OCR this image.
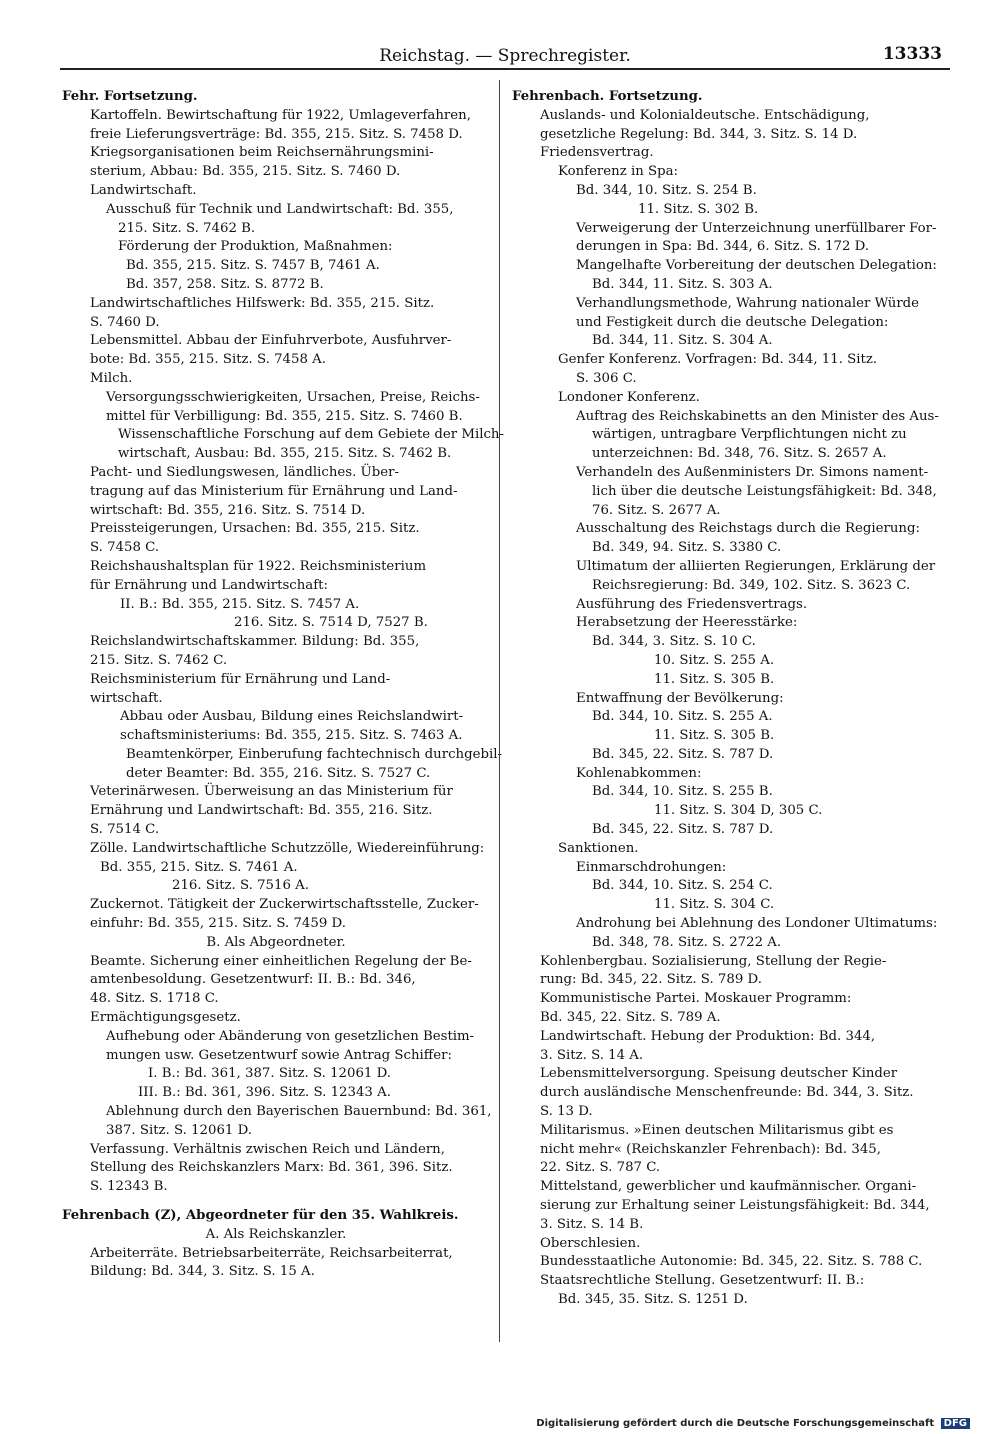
Reichstag. — Sprechregister.	13333
Fehr. Fortsetzung.
Kartoffeln. Bewirtschaftung für 1922, Umlageverfahren,
freie Lieferungsverträge: Bd. 355, 215. Sitz. S. 7458 D.
Kriegsorganisationen beim Reichsernährungsmini-
sterium, Abbau: Bd. 355, 215. Sitz. S. 7460 D.
Landwirtschaft.
Ausschuß für Technik und Landwirtschaft: Bd. 355,
215. Sitz. S. 7462 B.
Förderung der Produktion, Maßnahmen:
Bd. 355, 215. Sitz. S. 7457 B, 7461 A.
Bd. 357, 258. Sitz. S. 8772 B.
Landwirtschaftliches Hilfswerk: Bd. 355, 215. Sitz.
S. 7460 D.
Lebensmittel. Abbau der Einfuhrverbote, Ausfuhrver-
bote: Bd. 355, 215. Sitz. S. 7458 A.
Milch.
Versorgungsschwierigkeiten, Ursachen, Preise, Reichs-
mittel für Verbilligung: Bd. 355, 215. Sitz. S. 7460 B.
Wissenschaftliche Forschung auf dem Gebiete der Milch-
wirtschaft, Ausbau: Bd. 355, 215. Sitz. S. 7462 B.
Pacht- und Siedlungswesen, ländliches. Über-
tragung auf das Ministerium für Ernährung und Land-
wirtschaft: Bd. 355, 216. Sitz. S. 7514 D.
Preissteigerungen, Ursachen: Bd. 355, 215. Sitz.
S. 7458 C.
Reichshaushaltsplan für 1922. Reichsministerium
für Ernährung und Landwirtschaft:
II. B.: Bd. 355, 215. Sitz. S. 7457 A.
216. Sitz. S. 7514 D, 7527 B.
Reichslandwirtschaftskammer. Bildung: Bd. 355,
215. Sitz. S. 7462 C.
Reichsministerium für Ernährung und Land-
wirtschaft.
Abbau oder Ausbau, Bildung eines Reichslandwirt-
schaftsministeriums: Bd. 355, 215. Sitz. S. 7463 A.
Beamtenkörper, Einberufung fachtechnisch durchgebil-
deter Beamter: Bd. 355, 216. Sitz. S. 7527 C.
Veterinärwesen. Überweisung an das Ministerium für
Ernährung und Landwirtschaft: Bd. 355, 216. Sitz.
S. 7514 C.
Zölle. Landwirtschaftliche Schutzzölle, Wiedereinführung:
Bd. 355, 215. Sitz. S. 7461 A.
216. Sitz. S. 7516 A.
Zuckernot. Tätigkeit der Zuckerwirtschaftsstelle, Zucker-
einfuhr: Bd. 355, 215. Sitz. S. 7459 D.
B. Als Abgeordneter.
Beamte. Sicherung einer einheitlichen Regelung der Be-
amtenbesoldung. Gesetzentwurf: II. B.: Bd. 346,
48. Sitz. S. 1718 C.
Ermächtigungsgesetz.
Aufhebung oder Abänderung von gesetzlichen Bestim-
mungen usw. Gesetzentwurf sowie Antrag Schiffer:
I. B.: Bd. 361, 387. Sitz. S. 12061 D.
III. B.: Bd. 361, 396. Sitz. S. 12343 A.
Ablehnung durch den Bayerischen Bauernbund: Bd. 361,
387. Sitz. S. 12061 D.
Verfassung. Verhältnis zwischen Reich und Ländern,
Stellung des Reichskanzlers Marx: Bd. 361, 396. Sitz.
S. 12343 B.
Fehrenbach (Z), Abgeordneter für den 35. Wahlkreis.
A. Als Reichskanzler.
Arbeiterräte. Betriebsarbeiterräte, Reichsarbeiterrat,
Bildung: Bd. 344, 3. Sitz. S. 15 A.
Fehrenbach. Fortsetzung.
Auslands- und Kolonialdeutsche. Entschädigung,
gesetzliche Regelung: Bd. 344, 3. Sitz. S. 14 D.
Friedensvertrag.
Konferenz in Spa:
Bd. 344, 10. Sitz. S. 254 B.
11. Sitz. S. 302 B.
Verweigerung der Unterzeichnung unerfüllbarer For-
derungen in Spa: Bd. 344, 6. Sitz. S. 172 D.
Mangelhafte Vorbereitung der deutschen Delegation:
Bd. 344, 11. Sitz. S. 303 A.
Verhandlungsmethode, Wahrung nationaler Würde
und Festigkeit durch die deutsche Delegation:
Bd. 344, 11. Sitz. S. 304 A.
Genfer Konferenz. Vorfragen: Bd. 344, 11. Sitz.
S. 306 C.
Londoner Konferenz.
Auftrag des Reichskabinetts an den Minister des Aus-
wärtigen, untragbare Verpflichtungen nicht zu
unterzeichnen: Bd. 348, 76. Sitz. S. 2657 A.
Verhandeln des Außenministers Dr. Simons nament-
lich über die deutsche Leistungsfähigkeit: Bd. 348,
76. Sitz. S. 2677 A.
Ausschaltung des Reichstags durch die Regierung:
Bd. 349, 94. Sitz. S. 3380 C.
Ultimatum der alliierten Regierungen, Erklärung der
Reichsregierung: Bd. 349, 102. Sitz. S. 3623 C.
Ausführung des Friedensvertrags.
Herabsetzung der Heeresstärke:
Bd. 344, 3. Sitz. S. 10 C.
10. Sitz. S. 255 A.
11. Sitz. S. 305 B.
Entwaffnung der Bevölkerung:
Bd. 344, 10. Sitz. S. 255 A.
11. Sitz. S. 305 B.
Bd. 345, 22. Sitz. S. 787 D.
Kohlenabkommen:
Bd. 344, 10. Sitz. S. 255 B.
11. Sitz. S. 304 D, 305 C.
Bd. 345, 22. Sitz. S. 787 D.
Sanktionen.
Einmarschdrohungen:
Bd. 344, 10. Sitz. S. 254 C.
11. Sitz. S. 304 C.
Androhung bei Ablehnung des Londoner Ultimatums:
Bd. 348, 78. Sitz. S. 2722 A.
Kohlenbergbau. Sozialisierung, Stellung der Regie-
rung: Bd. 345, 22. Sitz. S. 789 D.
Kommunistische Partei. Moskauer Programm:
Bd. 345, 22. Sitz. S. 789 A.
Landwirtschaft. Hebung der Produktion: Bd. 344,
3. Sitz. S. 14 A.
Lebensmittelversorgung. Speisung deutscher Kinder
durch ausländische Menschenfreunde: Bd. 344, 3. Sitz.
S. 13 D.
Militarismus. »Einen deutschen Militarismus gibt es
nicht mehr« (Reichskanzler Fehrenbach): Bd. 345,
22. Sitz. S. 787 C.
Mittelstand, gewerblicher und kaufmännischer. Organi-
sierung zur Erhaltung seiner Leistungsfähigkeit: Bd. 344,
3. Sitz. S. 14 B.
Oberschlesien.
Bundesstaatliche Autonomie: Bd. 345, 22. Sitz. S. 788 C.
Staatsrechtliche Stellung. Gesetzentwurf: II. B.:
Bd. 345, 35. Sitz. S. 1251 D.
Digitalisierung gefördert durch die Deutsche Forschungsgemeinschaft DFG
